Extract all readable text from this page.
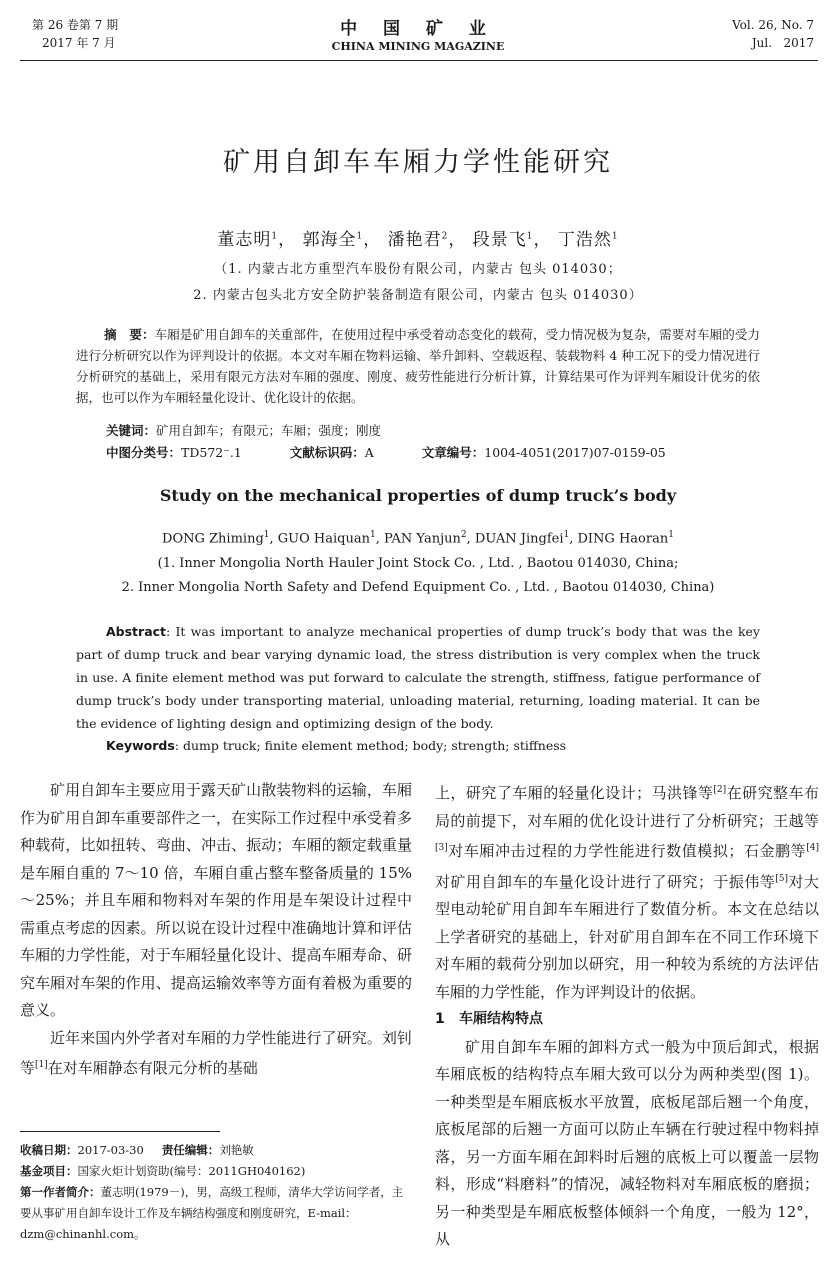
第 26 卷第 7 期
2017 年 7 月
中 国 矿 业
CHINA MINING MAGAZINE
Vol. 26, No. 7
Jul.   2017
矿用自卸车车厢力学性能研究
董志明$^1$， 郭海全$^1$， 潘艳君$^2$， 段景飞$^1$， 丁浩然$^1$
（1. 内蒙古北方重型汽车股份有限公司，内蒙古 包头 014030；
2. 内蒙古包头北方安全防护装备制造有限公司，内蒙古 包头 014030）
摘　要：车厢是矿用自卸车的关重部件，在使用过程中承受着动态变化的载荷，受力情况极为复杂，需要对车厢的受力进行分析研究以作为评判设计的依据。本文对车厢在物料运输、举升卸料、空载返程、装载物料 4 种工况下的受力情况进行分析研究的基础上，采用有限元方法对车厢的强度、刚度、疲劳性能进行分析计算，计算结果可作为评判车厢设计优劣的依据，也可以作为车厢轻量化设计、优化设计的依据。
关键词：矿用自卸车；有限元；车厢；强度；刚度
中图分类号：TD572⁻.1	文献标识码：A	文章编号：1004-4051(2017)07-0159-05
Study on the mechanical properties of dump truck’s body
DONG Zhiming$^1$, GUO Haiquan$^1$, PAN Yanjun$^2$, DUAN Jingfei$^1$, DING Haoran$^1$
(1. Inner Mongolia North Hauler Joint Stock Co. , Ltd. , Baotou 014030, China;
2. Inner Mongolia North Safety and Defend Equipment Co. , Ltd. , Baotou 014030, China)
Abstract: It was important to analyze mechanical properties of dump truck’s body that was the key part of dump truck and bear varying dynamic load, the stress distribution is very complex when the truck in use. A finite element method was put forward to calculate the strength, stiffness, fatigue performance of dump truck’s body under transporting material, unloading material, returning, loading material. It can be the evidence of lighting design and optimizing design of the body.
Keywords: dump truck; finite element method; body; strength; stiffness

矿用自卸车主要应用于露天矿山散装物料的运输，车厢作为矿用自卸车重要部件之一，在实际工作过程中承受着多种载荷，比如扭转、弯曲、冲击、振动；车厢的额定载重量是车厢自重的 7～10 倍，车厢自重占整车整备质量的 15%～25%；并且车厢和物料对车架的作用是车架设计过程中需重点考虑的因素。所以说在设计过程中准确地计算和评估车厢的力学性能，对于车厢轻量化设计、提高车厢寿命、研究车厢对车架的作用、提高运输效率等方面有着极为重要的意义。

近年来国内外学者对车厢的力学性能进行了研究。刘钊等[1]在对车厢静态有限元分析的基础

收稿日期：2017-03-30 责任编辑：刘艳敏
基金项目：国家火炬计划资助(编号：2011GH040162)
第一作者简介：董志明(1979－)，男，高级工程师，清华大学访问学者，主要从事矿用自卸车设计工作及车辆结构强度和刚度研究，E-mail：dzm@chinanhl.com。
上，研究了车厢的轻量化设计；马洪锋等[2]在研究整车布局的前提下，对车厢的优化设计进行了分析研究；王越等[3]对车厢冲击过程的力学性能进行数值模拟；石金鹏等[4]对矿用自卸车的车量化设计进行了研究；于振伟等[5]对大型电动轮矿用自卸车车厢进行了数值分析。本文在总结以上学者研究的基础上，针对矿用自卸车在不同工作环境下对车厢的载荷分别加以研究，用一种较为系统的方法评估车厢的力学性能，作为评判设计的依据。
1 车厢结构特点

矿用自卸车车厢的卸料方式一般为中顶后卸式，根据车厢底板的结构特点车厢大致可以分为两种类型(图 1)。一种类型是车厢底板水平放置，底板尾部后翘一个角度，底板尾部的后翘一方面可以防止车辆在行驶过程中物料掉落，另一方面车厢在卸料时后翘的底板上可以覆盖一层物料，形成“料磨料”的情况，减轻物料对车厢底板的磨损；另一种类型是车厢底板整体倾斜一个角度，一般为 12°，从
